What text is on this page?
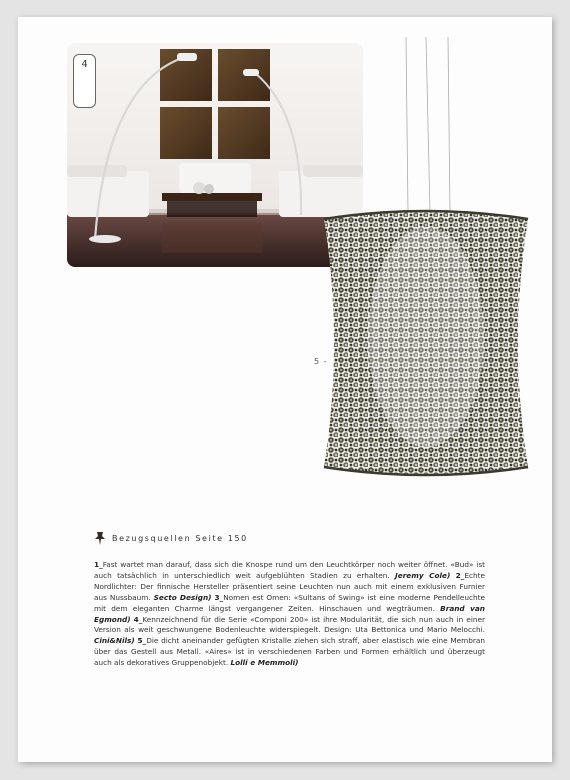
4
5 -
Bezugsquellen Seite 150

1_Fast wartet man darauf, dass sich die Knospe rund um den Leuchtkörper noch weiter öffnet. «Bud» ist auch tatsächlich in unterschiedlich weit aufgeblühten Stadien zu erhalten. Jeremy Cole) 2_Echte Nordlichter: Der finnische Hersteller präsentiert seine Leuchten nun auch mit einem exklusiven Furnier aus Nussbaum. Secto Design) 3_Nomen est Omen: «Sultans of Swing» ist eine moderne Pendelleuchte mit dem eleganten Charme längst vergangener Zeiten. Hinschauen und wegträumen. Brand van Egmond) 4_Kennzeichnend für die Serie «Componi 200» ist ihre Modularität, die sich nun auch in einer Version als weit geschwungene Bodenleuchte widerspiegelt. Design: Uta Bettonica und Mario Melocchi. Cini&Nils) 5_Die dicht aneinander gefügten Kristalle ziehen sich straff, aber elastisch wie eine Membran über das Gestell aus Metall. «Aires» ist in verschiedenen Farben und Formen erhältlich und überzeugt auch als dekoratives Gruppenobjekt. Lolli e Memmoli)
